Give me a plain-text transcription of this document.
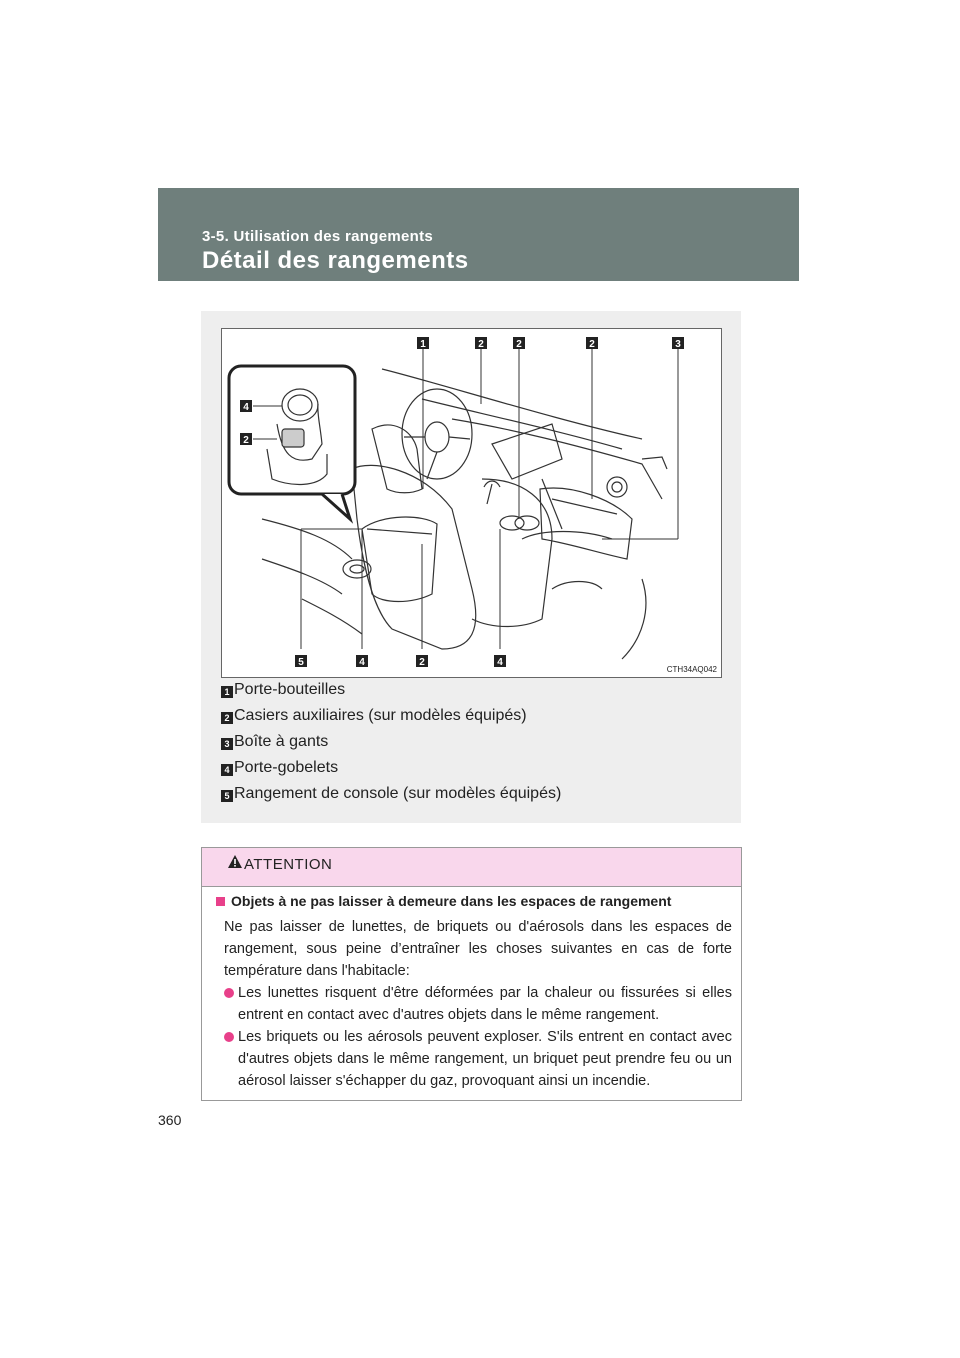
3-5. Utilisation des rangements
Détail des rangements
1	2	2	2	3
4
2
5	4	2	4
CTH34AQ042
1 Porte-bouteilles
2 Casiers auxiliaires (sur modèles équipés)
3 Boîte à gants
4 Porte-gobelets
5 Rangement de console (sur modèles équipés)
ATTENTION
Objets à ne pas laisser à demeure dans les espaces de rangement
Ne pas laisser de lunettes, de briquets ou d'aérosols dans les espaces de rangement, sous peine d’entraîner les choses suivantes en cas de forte température dans l'habitacle:
Les lunettes risquent d'être déformées par la chaleur ou fissurées si elles entrent en contact avec d'autres objets dans le même rangement.
Les briquets ou les aérosols peuvent exploser. S'ils entrent en contact avec d'autres objets dans le même rangement, un briquet peut prendre feu ou un aérosol laisser s'échapper du gaz, provoquant ainsi un incendie.
360
